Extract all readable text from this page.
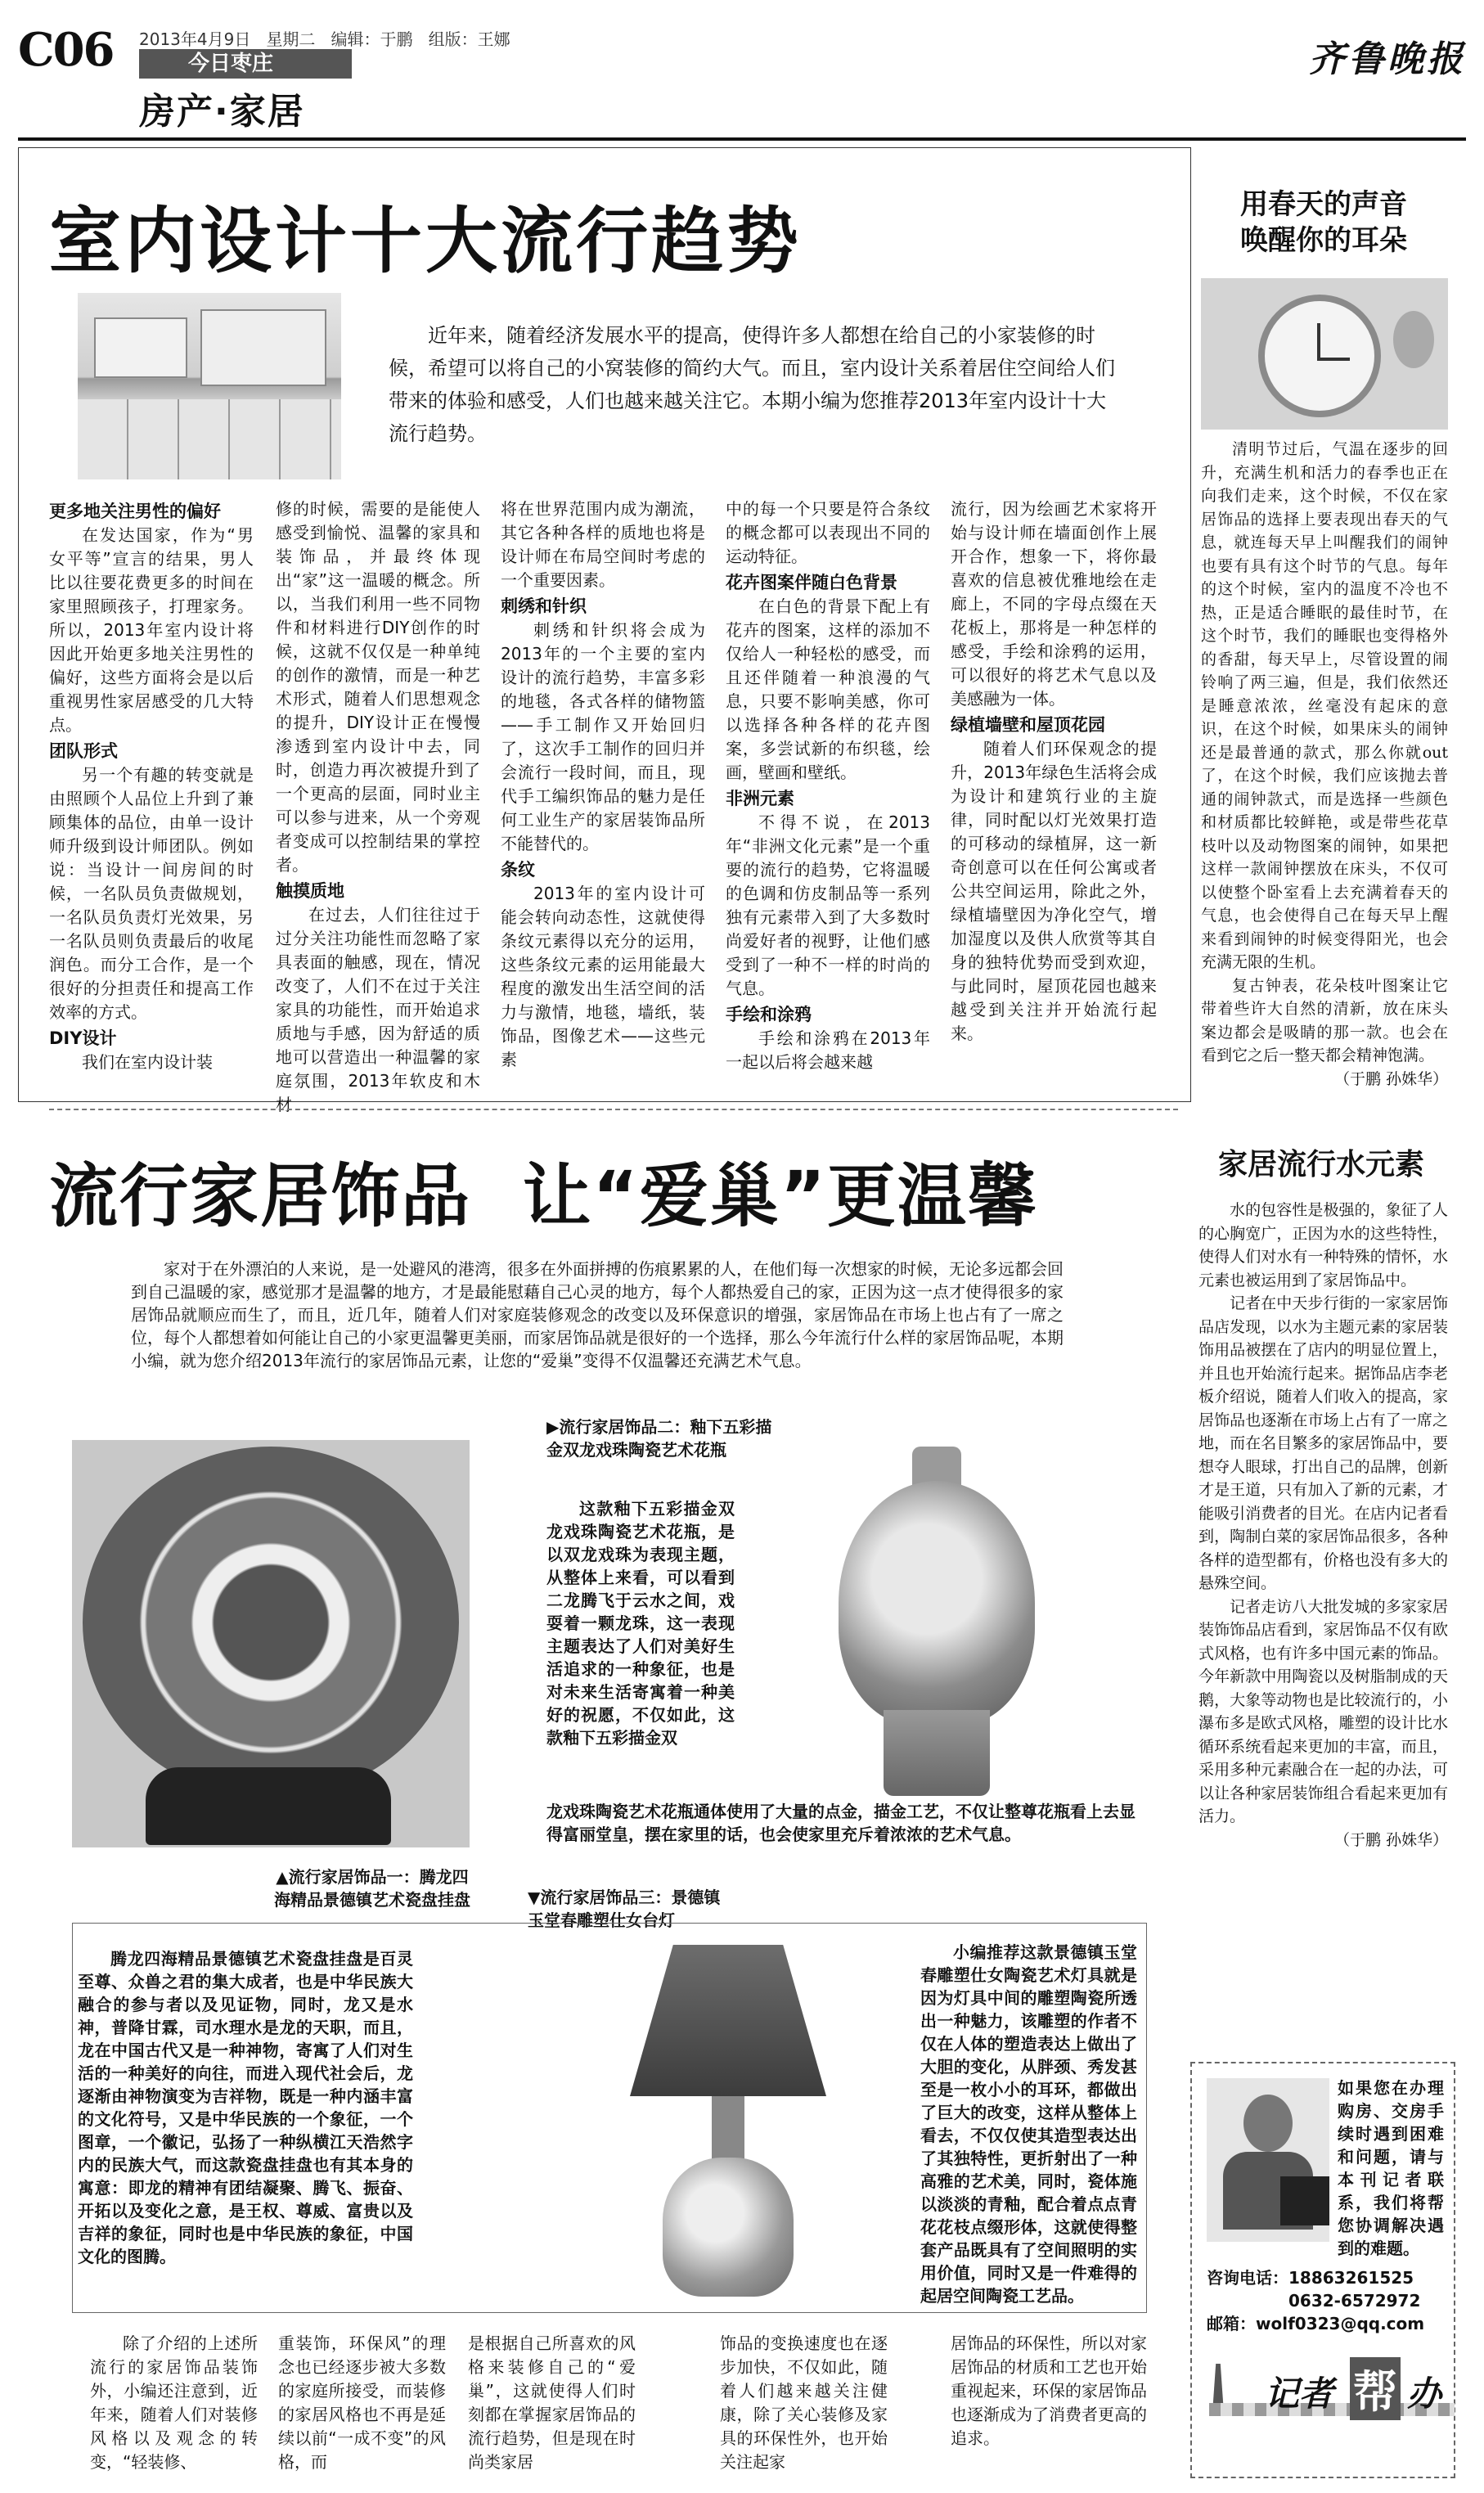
C06 2013年4月9日 星期二 编辑：于鹏 组版：王娜
今日枣庄
房产·家居
齐鲁晚报
室内设计十大流行趋势
近年来，随着经济发展水平的提高，使得许多人都想在给自己的小家装修的时候，希望可以将自己的小窝装修的简约大气。而且，室内设计关系着居住空间给人们带来的体验和感受，人们也越来越关注它。本期小编为您推荐2013年室内设计十大流行趋势。
更多地关注男性的偏好

在发达国家，作为“男女平等”宣言的结果，男人比以往要花费更多的时间在家里照顾孩子，打理家务。所以，2013年室内设计将因此开始更多地关注男性的偏好，这些方面将会是以后重视男性家居感受的几大特点。

团队形式

另一个有趣的转变就是由照顾个人品位上升到了兼顾集体的品位，由单一设计师升级到设计师团队。例如说：当设计一间房间的时候，一名队员负责做规划，一名队员负责灯光效果，另一名队员则负责最后的收尾润色。而分工合作，是一个很好的分担责任和提高工作效率的方式。

DIY设计

我们在室内设计装

修的时候，需要的是能使人感受到愉悦、温馨的家具和装饰品，并最终体现出“家”这一温暖的概念。所以，当我们利用一些不同物件和材料进行DIY创作的时候，这就不仅仅是一种单纯的创作的激情，而是一种艺术形式，随着人们思想观念的提升，DIY设计正在慢慢渗透到室内设计中去，同时，创造力再次被提升到了一个更高的层面，同时业主可以参与进来，从一个旁观者变成可以控制结果的掌控者。
触摸质地

在过去，人们往往过于过分关注功能性而忽略了家具表面的触感，现在，情况改变了，人们不在过于关注家具的功能性，而开始追求质地与手感，因为舒适的质地可以营造出一种温馨的家庭氛围，2013年软皮和木材

将在世界范围内成为潮流，其它各种各样的质地也将是设计师在布局空间时考虑的一个重要因素。
刺绣和针织

刺绣和针织将会成为2013年的一个主要的室内设计的流行趋势，丰富多彩的地毯，各式各样的储物篮——手工制作又开始回归了，这次手工制作的回归并会流行一段时间，而且，现代手工编织饰品的魅力是任何工业生产的家居装饰品所不能替代的。

条纹

2013年的室内设计可能会转向动态性，这就使得条纹元素得以充分的运用，这些条纹元素的运用能最大程度的激发出生活空间的活力与激情，地毯，墙纸，装饰品，图像艺术——这些元素

中的每一个只要是符合条纹的概念都可以表现出不同的运动特征。
花卉图案伴随白色背景

在白色的背景下配上有花卉的图案，这样的添加不仅给人一种轻松的感受，而且还伴随着一种浪漫的气息，只要不影响美感，你可以选择各种各样的花卉图案，多尝试新的布织毯，绘画，壁画和壁纸。

非洲元素

不得不说，在2013年“非洲文化元素”是一个重要的流行的趋势，它将温暖的色调和仿皮制品等一系列独有元素带入到了大多数时尚爱好者的视野，让他们感受到了一种不一样的时尚的气息。

手绘和涂鸦

手绘和涂鸦在2013年一起以后将会越来越

流行，因为绘画艺术家将开始与设计师在墙面创作上展开合作，想象一下，将你最喜欢的信息被优雅地绘在走廊上，不同的字母点缀在天花板上，那将是一种怎样的感受，手绘和涂鸦的运用，可以很好的将艺术气息以及美感融为一体。
绿植墙壁和屋顶花园

随着人们环保观念的提升，2013年绿色生活将会成为设计和建筑行业的主旋律，同时配以灯光效果打造的可移动的绿植屏，这一新奇创意可以在任何公寓或者公共空间运用，除此之外，绿植墙壁因为净化空气，增加湿度以及供人欣赏等其自身的独特优势而受到欢迎，与此同时，屋顶花园也越来越受到关注并开始流行起来。

用春天的声音
唤醒你的耳朵

清明节过后，气温在逐步的回升，充满生机和活力的春季也正在向我们走来，这个时候，不仅在家居饰品的选择上要表现出春天的气息，就连每天早上叫醒我们的闹钟也要有具有这个时节的气息。每年的这个时候，室内的温度不冷也不热，正是适合睡眠的最佳时节，在这个时节，我们的睡眠也变得格外的香甜，每天早上，尽管设置的闹铃响了两三遍，但是，我们依然还是睡意浓浓，丝毫没有起床的意识，在这个时候，如果床头的闹钟还是最普通的款式，那么你就out了，在这个时候，我们应该抛去普通的闹钟款式，而是选择一些颜色和材质都比较鲜艳，或是带些花草枝叶以及动物图案的闹钟，如果把这样一款闹钟摆放在床头，不仅可以使整个卧室看上去充满着春天的气息，也会使得自己在每天早上醒来看到闹钟的时候变得阳光，也会充满无限的生机。

复古钟表，花朵枝叶图案让它带着些许大自然的清新，放在床头案边都会是吸睛的那一款。也会在看到它之后一整天都会精神饱满。

（于鹏 孙姝华）
流行家居饰品  让“爱巢”更温馨
家对于在外漂泊的人来说，是一处避风的港湾，很多在外面拼搏的伤痕累累的人，在他们每一次想家的时候，无论多远都会回到自己温暖的家，感觉那才是温馨的地方，才是最能慰藉自己心灵的地方，每个人都热爱自己的家，正因为这一点才使得很多的家居饰品就顺应而生了，而且，近几年，随着人们对家庭装修观念的改变以及环保意识的增强，家居饰品在市场上也占有了一席之位，每个人都想着如何能让自己的小家更温馨更美丽，而家居饰品就是很好的一个选择，那么今年流行什么样的家居饰品呢，本期小编，就为您介绍2013年流行的家居饰品元素，让您的“爱巢”变得不仅温馨还充满艺术气息。
▲流行家居饰品一：腾龙四
海精品景德镇艺术瓷盘挂盘
▶流行家居饰品二：釉下五彩描
金双龙戏珠陶瓷艺术花瓶
这款釉下五彩描金双龙戏珠陶瓷艺术花瓶，是以双龙戏珠为表现主题，从整体上来看，可以看到二龙腾飞于云水之间，戏耍着一颗龙珠，这一表现主题表达了人们对美好生活追求的一种象征，也是对未来生活寄寓着一种美好的祝愿，不仅如此，这款釉下五彩描金双
龙戏珠陶瓷艺术花瓶通体使用了大量的点金，描金工艺，不仅让整尊花瓶看上去显得富丽堂皇，摆在家里的话，也会使家里充斥着浓浓的艺术气息。
▼流行家居饰品三：景德镇
玉堂春雕塑仕女台灯
腾龙四海精品景德镇艺术瓷盘挂盘是百灵至尊、众兽之君的集大成者，也是中华民族大融合的参与者以及见证物，同时，龙又是水神，普降甘霖，司水理水是龙的天职，而且，龙在中国古代又是一种神物，寄寓了人们对生活的一种美好的向往，而进入现代社会后，龙逐渐由神物演变为吉祥物，既是一种内涵丰富的文化符号，又是中华民族的一个象征，一个图章，一个徽记，弘扬了一种纵横江天浩然字内的民族大气，而这款瓷盘挂盘也有其本身的寓意：即龙的精神有团结凝聚、腾飞、振奋、开拓以及变化之意，是王权、尊威、富贵以及吉祥的象征，同时也是中华民族的象征，中国文化的图腾。
小编推荐这款景德镇玉堂春雕塑仕女陶瓷艺术灯具就是因为灯具中间的雕塑陶瓷所透出一种魅力，该雕塑的作者不仅在人体的塑造表达上做出了大胆的变化，从胖颈、秀发甚至是一枚小小的耳环，都做出了巨大的改变，这样从整体上看去，不仅仅使其造型表达出了其独特性，更折射出了一种高雅的艺术美，同时，瓷体施以淡淡的青釉，配合着点点青花花枝点缀形体，这就使得整套产品既具有了空间照明的实用价值，同时又是一件难得的起居空间陶瓷工艺品。
除了介绍的上述所流行的家居饰品装饰外，小编还注意到，近年来，随着人们对装修风格以及观念的转变，“轻装修、
重装饰，环保风”的理念也已经逐步被大多数的家庭所接受，而装修的家居风格也不再是延续以前“一成不变”的风格，而
是根据自己所喜欢的风格来装修自己的“爱巢”，这就使得人们时刻都在掌握家居饰品的流行趋势，但是现在时尚类家居
饰品的变换速度也在逐步加快，不仅如此，随着人们越来越关注健康，除了关心装修及家具的环保性外，也开始关注起家
居饰品的环保性，所以对家居饰品的材质和工艺也开始重视起来，环保的家居饰品也逐渐成为了消费者更高的追求。
家居流行水元素

水的包容性是极强的，象征了人的心胸宽广，正因为水的这些特性，使得人们对水有一种特殊的情怀，水元素也被运用到了家居饰品中。

记者在中天步行街的一家家居饰品店发现，以水为主题元素的家居装饰用品被摆在了店内的明显位置上，并且也开始流行起来。据饰品店李老板介绍说，随着人们收入的提高，家居饰品也逐渐在市场上占有了一席之地，而在名目繁多的家居饰品中，要想夺人眼球，打出自己的品牌，创新才是王道，只有加入了新的元素，才能吸引消费者的目光。在店内记者看到，陶制白菜的家居饰品很多，各种各样的造型都有，价格也没有多大的悬殊空间。

记者走访八大批发城的多家家居装饰饰品店看到，家居饰品不仅有欧式风格，也有许多中国元素的饰品。今年新款中用陶瓷以及树脂制成的天鹅，大象等动物也是比较流行的，小瀑布多是欧式风格，雕塑的设计比水循环系统看起来更加的丰富，而且，采用多种元素融合在一起的办法，可以让各种家居装饰组合看起来更加有活力。

（于鹏 孙姝华）
如果您在办理购房、交房手续时遇到困难和问题，请与本刊记者联系，我们将帮您协调解决遇到的难题。
咨询电话：18863261525
0632-6572972
邮箱：wolf0323@qq.com
记者 帮 办
